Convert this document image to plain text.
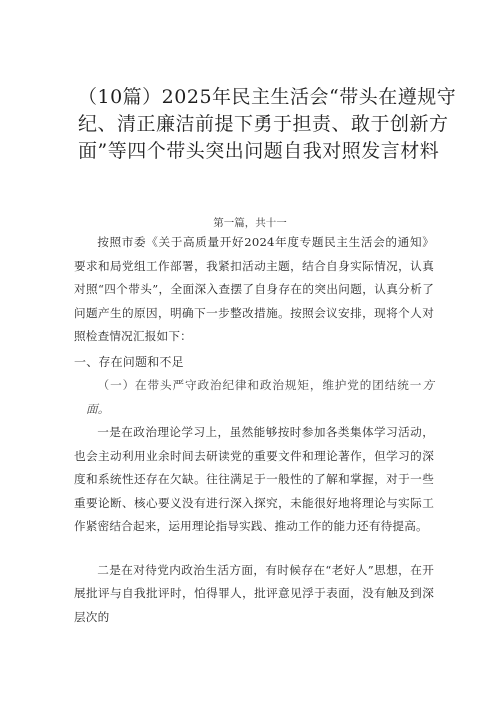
（10篇）2025年民主生活会“带头在遵规守纪、清正廉洁前提下勇于担责、敢于创新方面”等四个带头突出问题自我对照发言材料
第一篇，共十一

按照市委《关于高质量开好2024年度专题民主生活会的通知》要求和局党组工作部署，我紧扣活动主题，结合自身实际情况，认真对照“四个带头”，全面深入查摆了自身存在的突出问题，认真分析了问题产生的原因，明确下一步整改措施。按照会议安排，现将个人对照检查情况汇报如下：

一、存在问题和不足

（一）在带头严守政治纪律和政治规矩，维护党的团结统一方面。

一是在政治理论学习上，虽然能够按时参加各类集体学习活动，也会主动利用业余时间去研读党的重要文件和理论著作，但学习的深度和系统性还存在欠缺。往往满足于一般性的了解和掌握，对于一些重要论断、核心要义没有进行深入探究，未能很好地将理论与实际工作紧密结合起来，运用理论指导实践、推动工作的能力还有待提高。

二是在对待党内政治生活方面，有时候存在“老好人”思想，在开展批评与自我批评时，怕得罪人，批评意见浮于表面，没有触及到深层次的
